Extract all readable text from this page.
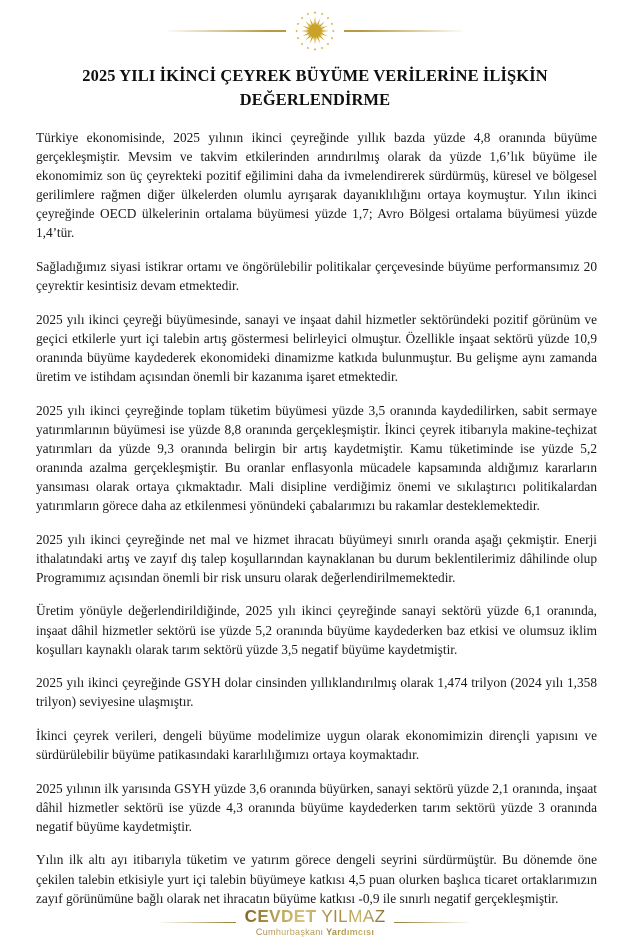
2025 YILI İKİNCİ ÇEYREK BÜYÜME VERİLERİNE İLİŞKİN DEĞERLENDİRME

Türkiye ekonomisinde, 2025 yılının ikinci çeyreğinde yıllık bazda yüzde 4,8 oranında büyüme gerçekleşmiştir. Mevsim ve takvim etkilerinden arındırılmış olarak da yüzde 1,6’lık büyüme ile ekonomimiz son üç çeyrekteki pozitif eğilimini daha da ivmelendirerek sürdürmüş, küresel ve bölgesel gerilimlere rağmen diğer ülkelerden olumlu ayrışarak dayanıklılığını ortaya koymuştur. Yılın ikinci çeyreğinde OECD ülkelerinin ortalama büyümesi yüzde 1,7; Avro Bölgesi ortalama büyümesi yüzde 1,4’tür.

Sağladığımız siyasi istikrar ortamı ve öngörülebilir politikalar çerçevesinde büyüme performansımız 20 çeyrektir kesintisiz devam etmektedir.

2025 yılı ikinci çeyreği büyümesinde, sanayi ve inşaat dahil hizmetler sektöründeki pozitif görünüm ve geçici etkilerle yurt içi talebin artış göstermesi belirleyici olmuştur. Özellikle inşaat sektörü yüzde 10,9 oranında büyüme kaydederek ekonomideki dinamizme katkıda bulunmuştur. Bu gelişme aynı zamanda üretim ve istihdam açısından önemli bir kazanıma işaret etmektedir.

2025 yılı ikinci çeyreğinde toplam tüketim büyümesi yüzde 3,5 oranında kaydedilirken, sabit sermaye yatırımlarının büyümesi ise yüzde 8,8 oranında gerçekleşmiştir. İkinci çeyrek itibarıyla makine-teçhizat yatırımları da yüzde 9,3 oranında belirgin bir artış kaydetmiştir. Kamu tüketiminde ise yüzde 5,2 oranında azalma gerçekleşmiştir. Bu oranlar enflasyonla mücadele kapsamında aldığımız kararların yansıması olarak ortaya çıkmaktadır. Mali disipline verdiğimiz önemi ve sıkılaştırıcı politikalardan yatırımların görece daha az etkilenmesi yönündeki çabalarımızı bu rakamlar desteklemektedir.

2025 yılı ikinci çeyreğinde net mal ve hizmet ihracatı büyümeyi sınırlı oranda aşağı çekmiştir. Enerji ithalatındaki artış ve zayıf dış talep koşullarından kaynaklanan bu durum beklentilerimiz dâhilinde olup Programımız açısından önemli bir risk unsuru olarak değerlendirilmemektedir.

Üretim yönüyle değerlendirildiğinde, 2025 yılı ikinci çeyreğinde sanayi sektörü yüzde 6,1 oranında, inşaat dâhil hizmetler sektörü ise yüzde 5,2 oranında büyüme kaydederken baz etkisi ve olumsuz iklim koşulları kaynaklı olarak tarım sektörü yüzde 3,5 negatif büyüme kaydetmiştir.

2025 yılı ikinci çeyreğinde GSYH dolar cinsinden yıllıklandırılmış olarak 1,474 trilyon (2024 yılı 1,358 trilyon) seviyesine ulaşmıştır.

İkinci çeyrek verileri, dengeli büyüme modelimize uygun olarak ekonomimizin dirençli yapısını ve sürdürülebilir büyüme patikasındaki kararlılığımızı ortaya koymaktadır.

2025 yılının ilk yarısında GSYH yüzde 3,6 oranında büyürken, sanayi sektörü yüzde 2,1 oranında, inşaat dâhil hizmetler sektörü ise yüzde 4,3 oranında büyüme kaydederken tarım sektörü yüzde 3 oranında negatif büyüme kaydetmiştir.

Yılın ilk altı ayı itibarıyla tüketim ve yatırım görece dengeli seyrini sürdürmüştür. Bu dönemde öne çekilen talebin etkisiyle yurt içi talebin büyümeye katkısı 4,5 puan olurken başlıca ticaret ortaklarımızın zayıf görünümüne bağlı olarak net ihracatın büyüme katkısı -0,9 ile sınırlı negatif gerçekleşmiştir.

CEVDET YILMAZ
Cumhurbaşkanı Yardımcısı
